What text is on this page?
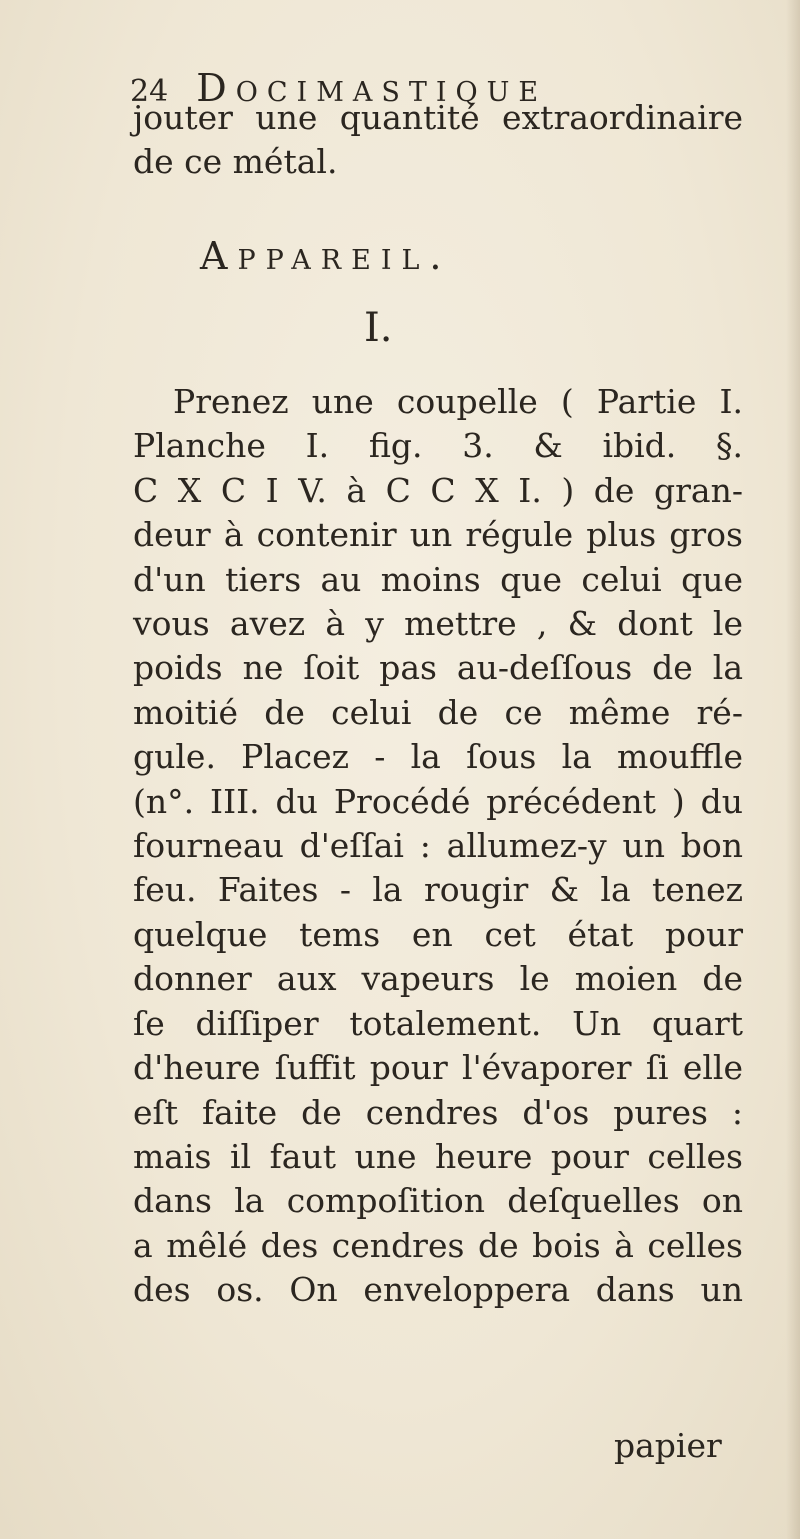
24 Docimastique
jouter une quantité extraordinaire
de ce métal.
Appareil.
I.
Prenez une coupelle ( Partie I.
Planche I. fig. 3. & ibid. §.
C X C I V. à C C X I. ) de gran-
deur à contenir un régule plus gros
d'un tiers au moins que celui que
vous avez à y mettre , & dont le
poids ne ſoit pas au-deſſous de la
moitié de celui de ce même ré-
gule. Placez - la ſous la mouffle
(n°. III. du Procédé précédent ) du
fourneau d'eſſai : allumez-y un bon
feu. Faites - la rougir & la tenez
quelque tems en cet état pour
donner aux vapeurs le moien de
ſe diſſiper totalement. Un quart
d'heure ſuffit pour l'évaporer ſi elle
eſt faite de cendres d'os pures :
mais il faut une heure pour celles
dans la compoſition deſquelles on
a mêlé des cendres de bois à celles
des os. On enveloppera dans un
papier
